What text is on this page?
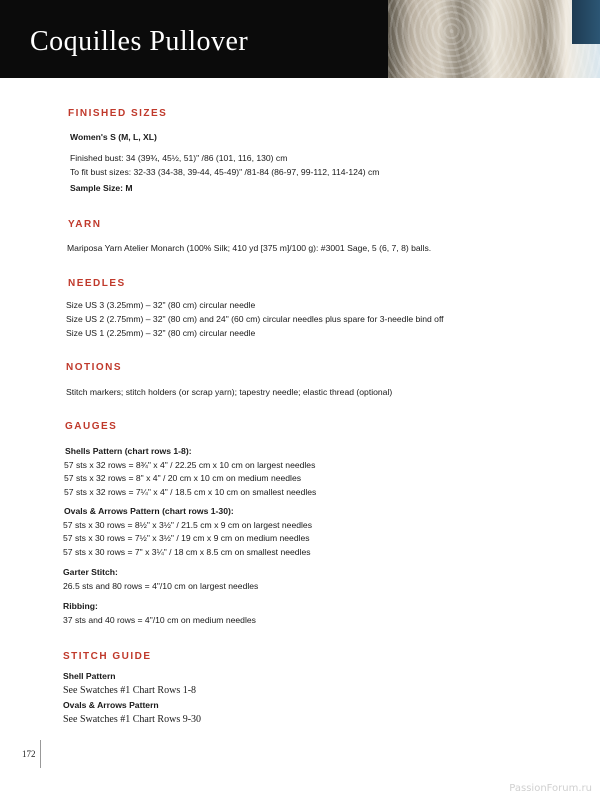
Coquilles Pullover

FINISHED SIZES

Women's S (M, L, XL)

Finished bust: 34 (39¾, 45½, 51)" /86 (101, 116, 130) cm

To fit bust sizes: 32-33 (34-38, 39-44, 45-49)" /81-84 (86-97, 99-112, 114-124) cm

Sample Size: M

YARN

Mariposa Yarn Atelier Monarch (100% Silk; 410 yd [375 m]/100 g): #3001 Sage, 5 (6, 7, 8) balls.

NEEDLES

Size US 3 (3.25mm) – 32" (80 cm) circular needle

Size US 2 (2.75mm) – 32" (80 cm) and 24" (60 cm) circular needles plus spare for 3-needle bind off

Size US 1 (2.25mm) – 32" (80 cm) circular needle

NOTIONS

Stitch markers; stitch holders (or scrap yarn); tapestry needle; elastic thread (optional)

GAUGES

Shells Pattern (chart rows 1-8):

57 sts x 32 rows = 8¾" x 4" / 22.25 cm x 10 cm on largest needles

57 sts x 32 rows = 8" x 4" / 20 cm x 10 cm on medium needles

57 sts x 32 rows = 7¼" x 4" / 18.5 cm x 10 cm on smallest needles

Ovals & Arrows Pattern (chart rows 1-30):

57 sts x 30 rows = 8½" x 3½" / 21.5 cm x 9 cm on largest needles

57 sts x 30 rows = 7½" x 3½" / 19 cm x 9 cm on medium needles

57 sts x 30 rows = 7" x 3¼" / 18 cm x 8.5 cm on smallest needles

Garter Stitch:

26.5 sts and 80 rows = 4"/10 cm on largest needles

Ribbing:

37 sts and 40 rows = 4"/10 cm on medium needles

STITCH GUIDE

Shell Pattern

See Swatches #1 Chart Rows 1-8

Ovals & Arrows Pattern

See Swatches #1 Chart Rows 9-30

172
PassionForum.ru
